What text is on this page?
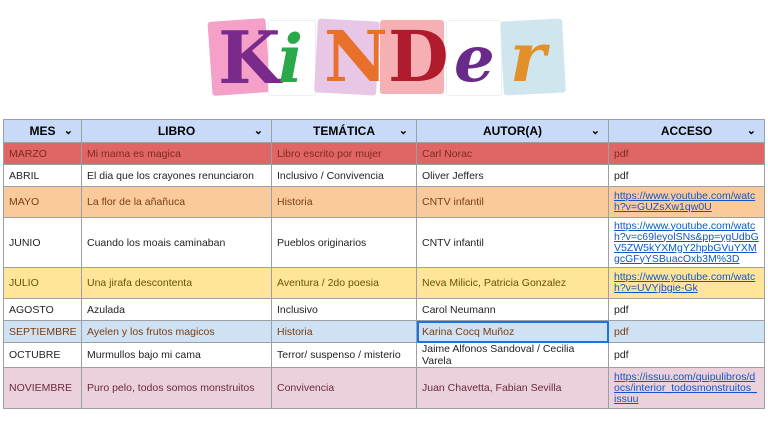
K
i N D e r
MES ⌄	LIBRO ⌄	TEMÁTICA ⌄	AUTOR(A) ⌄	ACCESO ⌄

MARZO	Mi mama es magica	Libro escrito por mujer	Carl Norac	pdf
ABRIL	El dia que los crayones renunciaron	Inclusivo / Convivencia	Oliver Jeffers	pdf
MAYO	La flor de la añañuca	Historia	CNTV infantil	https://www.youtube.com/watch?v=GUZsXw1qw0U
JUNIO	Cuando los moais caminaban	Pueblos originarios	CNTV infantil	https://www.youtube.com/watch?v=c69leyolSNs&pp=ygUdbGV5ZW5kYXMgY2hpbGVuYXMgcGFyYSBuacOxb3M%3D
JULIO	Una jirafa descontenta	Aventura / 2do poesia	Neva Milicic, Patricia Gonzalez	https://www.youtube.com/watch?v=UVYjbgie-Gk
AGOSTO	Azulada	Inclusivo	Carol Neumann	pdf
SEPTIEMBRE	Ayelen y los frutos magicos	Historia	Karina Cocq Muñoz	pdf
OCTUBRE	Murmullos bajo mi cama	Terror/ suspenso / misterio	Jaime Alfonos Sandoval / Cecilia Varela	pdf
NOVIEMBRE	Puro pelo, todos somos monstruitos	Convivencia	Juan Chavetta, Fabian Sevilla	https://issuu.com/quipulibros/docs/interior_todosmonstruitos_issuu
